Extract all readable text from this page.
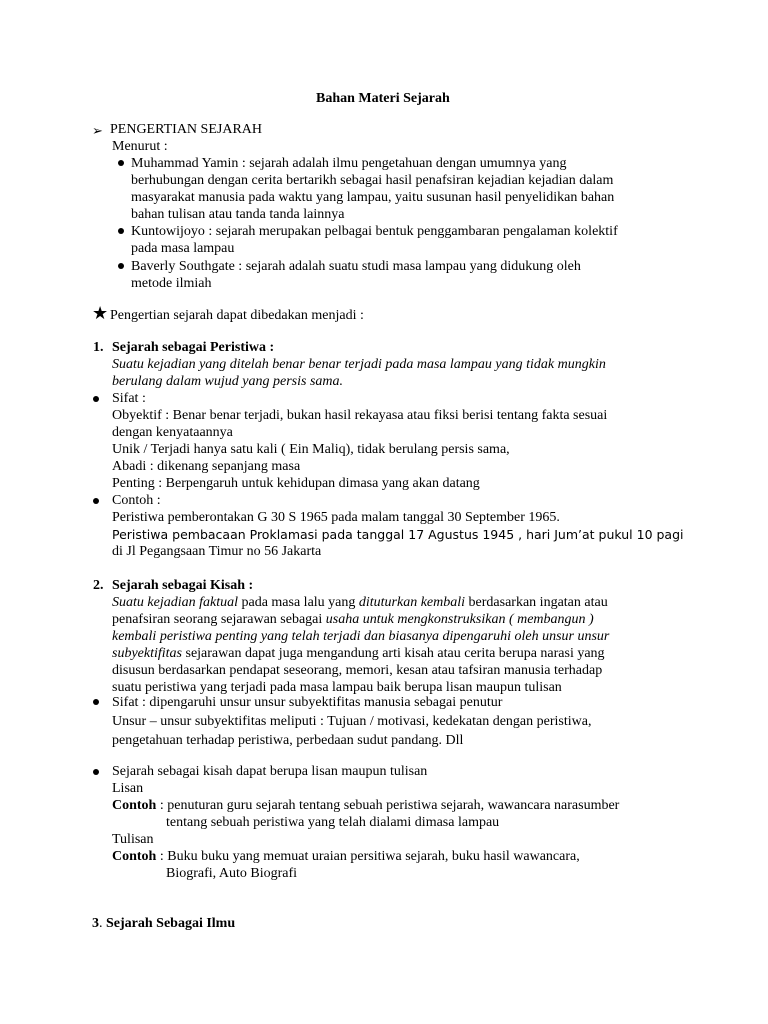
Bahan Materi Sejarah
➢ PENGERTIAN SEJARAH
Menurut :
Muhammad Yamin : sejarah adalah ilmu pengetahuan dengan umumnya yang
berhubungan dengan cerita bertarikh sebagai hasil penafsiran kejadian kejadian dalam
masyarakat manusia pada waktu yang lampau, yaitu susunan hasil penyelidikan bahan
bahan tulisan atau tanda tanda lainnya
Kuntowijoyo : sejarah merupakan pelbagai bentuk penggambaran pengalaman kolektif
pada masa lampau
Baverly Southgate : sejarah adalah suatu studi masa lampau yang didukung oleh
metode ilmiah
★ Pengertian sejarah dapat dibedakan menjadi :
1. Sejarah sebagai Peristiwa :
Suatu kejadian yang ditelah benar benar terjadi pada masa lampau yang tidak mungkin
berulang dalam wujud yang persis sama.
Sifat :
Obyektif : Benar benar terjadi, bukan hasil rekayasa atau fiksi berisi tentang fakta sesuai
dengan kenyataannya
Unik / Terjadi hanya satu kali ( Ein Maliq), tidak berulang persis sama,
Abadi : dikenang sepanjang masa
Penting : Berpengaruh untuk kehidupan dimasa yang akan datang
Contoh :
Peristiwa pemberontakan G 30 S 1965 pada malam tanggal 30 September 1965.
Peristiwa pembacaan Proklamasi pada tanggal 17 Agustus 1945 , hari Jum’at pukul 10 pagi
di Jl Pegangsaan Timur no 56 Jakarta
2. Sejarah sebagai Kisah :
Suatu kejadian faktual pada masa lalu yang dituturkan kembali berdasarkan ingatan atau
penafsiran seorang sejarawan sebagai usaha untuk mengkonstruksikan ( membangun )
kembali peristiwa penting yang telah terjadi dan biasanya dipengaruhi oleh unsur unsur
subyektifitas sejarawan dapat juga mengandung arti kisah atau cerita berupa narasi yang
disusun berdasarkan pendapat seseorang, memori, kesan atau tafsiran manusia terhadap
suatu peristiwa yang terjadi pada masa lampau baik berupa lisan maupun tulisan
Sifat : dipengaruhi unsur unsur subyektifitas manusia sebagai penutur
Unsur – unsur subyektifitas meliputi : Tujuan / motivasi, kedekatan dengan peristiwa,
pengetahuan terhadap peristiwa, perbedaan sudut pandang. Dll
Sejarah sebagai kisah dapat berupa lisan maupun tulisan
Lisan
Contoh : penuturan guru sejarah tentang sebuah peristiwa sejarah, wawancara narasumber
tentang sebuah peristiwa yang telah dialami dimasa lampau
Tulisan
Contoh : Buku buku yang memuat uraian persitiwa sejarah, buku hasil wawancara,
Biografi, Auto Biografi
3. Sejarah Sebagai Ilmu
